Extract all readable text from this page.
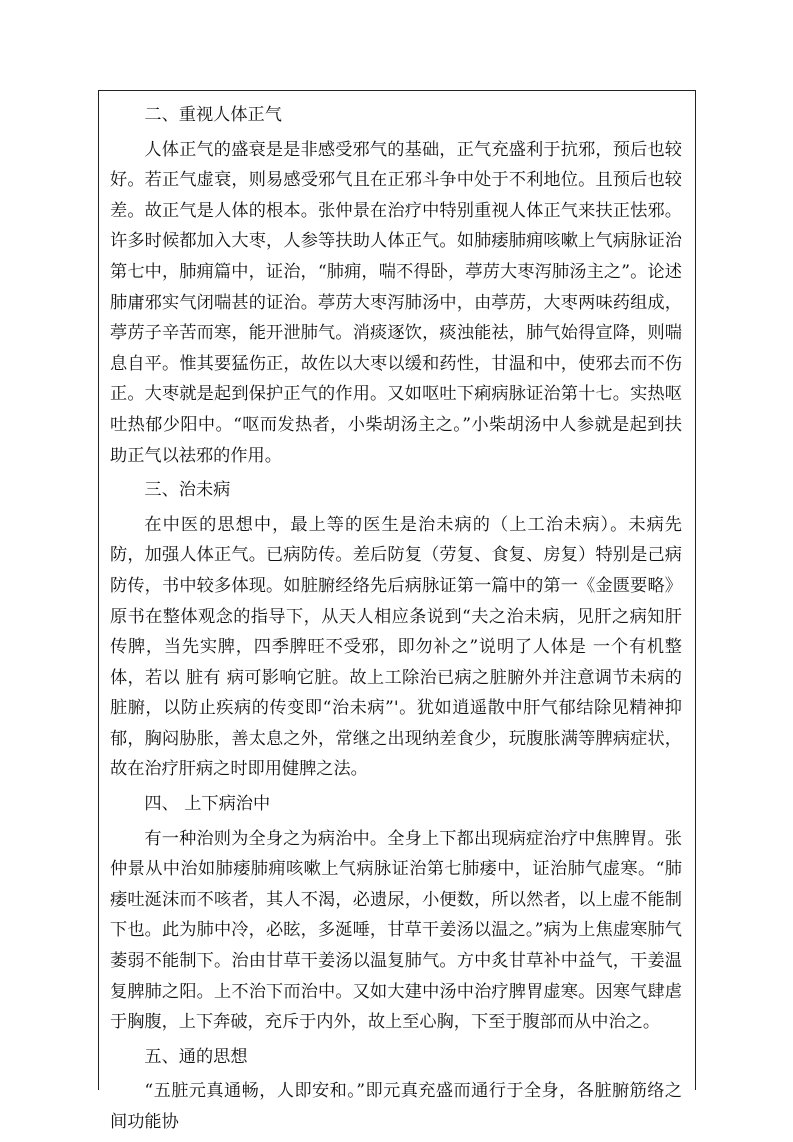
二、重视人体正气

人体正气的盛衰是是非感受邪气的基础，正气充盛利于抗邪，预后也较好。若正气虚衰，则易感受邪气且在正邪斗争中处于不利地位。且预后也较差。故正气是人体的根本。张仲景在治疗中特别重视人体正气来扶正怯邪。许多时候都加入大枣，人参等扶助人体正气。如肺痿肺痈咳嗽上气病脉证治第七中，肺痈篇中，证治，“肺痈，喘不得卧，葶苈大枣泻肺汤主之”。论述肺庸邪实气闭喘甚的证治。葶苈大枣泻肺汤中，由葶苈，大枣两味药组成，葶苈子辛苦而寒，能开泄肺气。消痰逐饮，痰浊能祛，肺气始得宣降，则喘息自平。惟其要猛伤正，故佐以大枣以缓和药性，甘温和中，使邪去而不伤正。大枣就是起到保护正气的作用。又如呕吐下痢病脉证治第十七。实热呕吐热郁少阳中。“呕而发热者，小柴胡汤主之。”小柴胡汤中人参就是起到扶助正气以祛邪的作用。

三、治未病

在中医的思想中，最上等的医生是治未病的（上工治未病）。未病先防，加强人体正气。已病防传。差后防复（劳复、食复、房复）特别是己病防传，书中较多体现。如脏腑经络先后病脉证第一篇中的第一《金匮要略》原书在整体观念的指导下，从天人相应条说到“夫之治未病，见肝之病知肝传脾，当先实脾，四季脾旺不受邪，即勿补之”说明了人体是 一个有机整体，若以 脏有 病可影响它脏。故上工除治已病之脏腑外并注意调节未病的 脏腑，以防止疾病的传变即“治未病”'。犹如逍遥散中肝气郁结除见精神抑郁，胸闷胁胀，善太息之外，常继之出现纳差食少，玩腹胀满等脾病症状，故在治疗肝病之时即用健脾之法。

四、 上下病治中

有一种治则为全身之为病治中。全身上下都出现病症治疗中焦脾胃。张仲景从中治如肺痿肺痈咳嗽上气病脉证治第七肺痿中，证治肺气虚寒。“肺痿吐涎沫而不咳者，其人不渴，必遗尿，小便数，所以然者，以上虚不能制下也。此为肺中冷，必眩，多涎唾，甘草干姜汤以温之。”病为上焦虚寒肺气萎弱不能制下。治由甘草干姜汤以温复肺气。方中炙甘草补中益气，干姜温复脾肺之阳。上不治下而治中。又如大建中汤中治疗脾胃虚寒。因寒气肆虐于胸腹，上下奔破，充斥于内外，故上至心胸，下至于腹部而从中治之。

五、通的思想

“五脏元真通畅，人即安和。”即元真充盛而通行于全身，各脏腑筋络之间功能协
